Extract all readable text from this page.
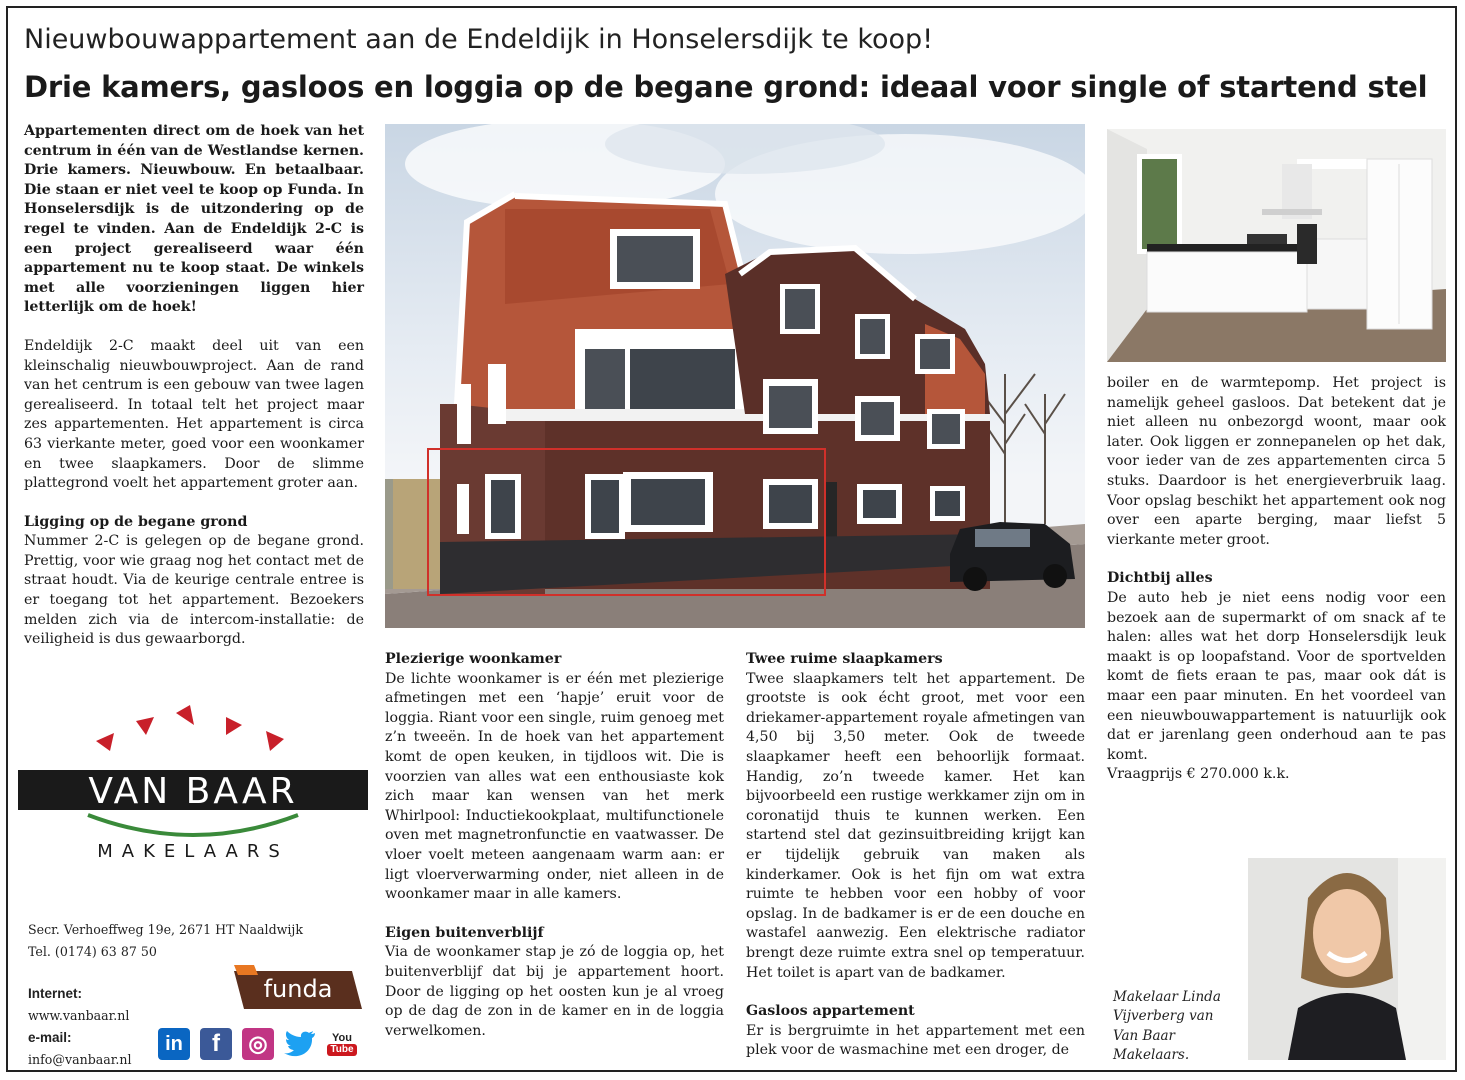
Nieuwbouwappartement aan de Endeldijk in Honselersdijk te koop!
Drie kamers, gasloos en loggia op de begane grond: ideaal voor single of startend stel

Appartementen direct om de hoek van het centrum in één van de Westlandse kernen. Drie kamers. Nieuwbouw. En betaalbaar. Die staan er niet veel te koop op Funda. In Honselersdijk is de uitzondering op de regel te vinden. Aan de Endeldijk 2-C is een project gerealiseerd waar één appartement nu te koop staat. De winkels met alle voorzieningen liggen hier letterlijk om de hoek!

Endeldijk 2-C maakt deel uit van een kleinschalig nieuwbouwproject. Aan de rand van het centrum is een gebouw van twee lagen gerealiseerd. In totaal telt het project maar zes appartementen. Het appartement is circa 63 vierkante meter, goed voor een woonkamer en twee slaapkamers. Door de slimme plattegrond voelt het appartement groter aan.

Ligging op de begane grond

Nummer 2-C is gelegen op de begane grond. Prettig, voor wie graag nog het contact met de straat houdt. Via de keurige centrale entree is er toegang tot het appartement. Bezoekers melden zich via de intercom-installatie: de veiligheid is dus gewaarborgd.

Plezierige woonkamer

De lichte woonkamer is er één met plezierige afmetingen met een ‘hapje’ eruit voor de loggia. Riant voor een single, ruim genoeg met z’n tweeën. In de hoek van het appartement komt de open keuken, in tijdloos wit. Die is voorzien van alles wat een enthousiaste kok zich maar kan wensen van het merk Whirlpool: Inductiekookplaat, multifunctionele oven met magnetronfunctie en vaatwasser. De vloer voelt meteen aangenaam warm aan: er ligt vloerverwarming onder, niet alleen in de woonkamer maar in alle kamers.

Eigen buitenverblijf

Via de woonkamer stap je zó de loggia op, het buitenverblijf dat bij je appartement hoort. Door de ligging op het oosten kun je al vroeg op de dag de zon in de kamer en in de loggia verwelkomen.

Twee ruime slaapkamers

Twee slaapkamers telt het appartement. De grootste is ook écht groot, met voor een driekamer-appartement royale afmetingen van 4,50 bij 3,50 meter. Ook de tweede slaapkamer heeft een behoorlijk formaat. Handig, zo’n tweede kamer. Het kan bijvoorbeeld een rustige werkkamer zijn om in coronatijd thuis te kunnen werken. Een startend stel dat gezinsuitbreiding krijgt kan er tijdelijk gebruik van maken als kinderkamer. Ook is het fijn om wat extra ruimte te hebben voor een hobby of voor opslag. In de badkamer is er de een douche en wastafel aanwezig. Een elektrische radiator brengt deze ruimte extra snel op temperatuur. Het toilet is apart van de badkamer.

Gasloos appartement

Er is bergruimte in het appartement met een plek voor de wasmachine met een droger, de

boiler en de warmtepomp. Het project is namelijk geheel gasloos. Dat betekent dat je niet alleen nu onbezorgd woont, maar ook later. Ook liggen er zonnepanelen op het dak, voor ieder van de zes appartementen circa 5 stuks. Daardoor is het energieverbruik laag. Voor opslag beschikt het appartement ook nog over een aparte berging, maar liefst 5 vierkante meter groot.

Dichtbij alles

De auto heb je niet eens nodig voor een bezoek aan de supermarkt of om snack af te halen: alles wat het dorp Honselersdijk leuk maakt is op loopafstand. Voor de sportvelden komt de fiets eraan te pas, maar ook dát is maar een paar minuten. En het voordeel van een nieuwbouwappartement is natuurlijk ook dat er jarenlang geen onderhoud aan te pas komt.

Vraagprijs € 270.000 k.k.

Makelaar Linda Vijverberg van Van Baar Makelaars.
VAN BAAR
MAKELAARS
Secr. Verhoeffweg 19e, 2671 HT Naaldwijk
Tel. (0174) 63 87 50
Internet:
www.vanbaar.nl
e-mail:
info@vanbaar.nl
funda
in	f	◎	You
Tube
